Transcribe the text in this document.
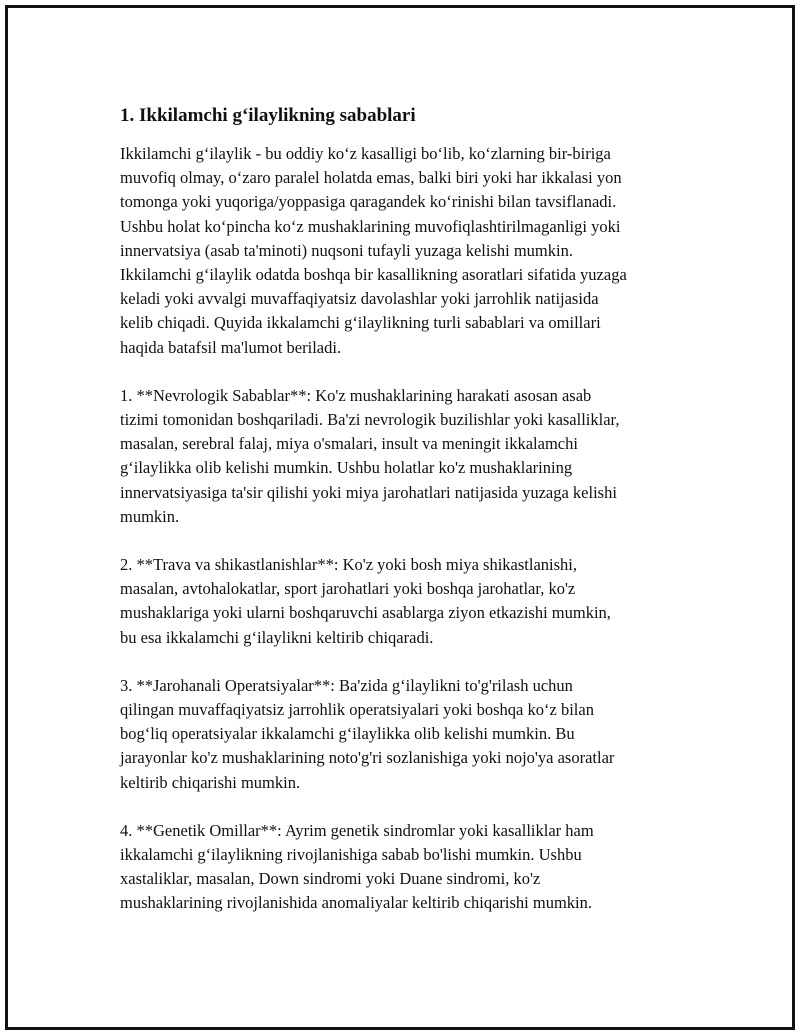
1. Ikkilamchi g‘ilaylikning sabablari

Ikkilamchi g‘ilaylik - bu oddiy ko‘z kasalligi bo‘lib, ko‘zlarning bir-biriga
muvofiq olmay, o‘zaro paralel holatda emas, balki biri yoki har ikkalasi yon
tomonga yoki yuqoriga/yoppasiga qaragandek ko‘rinishi bilan tavsiflanadi.
Ushbu holat ko‘pincha ko‘z mushaklarining muvofiqlashtirilmaganligi yoki
innervatsiya (asab ta'minoti) nuqsoni tufayli yuzaga kelishi mumkin.
Ikkilamchi g‘ilaylik odatda boshqa bir kasallikning asoratlari sifatida yuzaga
keladi yoki avvalgi muvaffaqiyatsiz davolashlar yoki jarrohlik natijasida
kelib chiqadi. Quyida ikkalamchi g‘ilaylikning turli sabablari va omillari
haqida batafsil ma'lumot beriladi.

1. **Nevrologik Sabablar**: Ko'z mushaklarining harakati asosan asab
tizimi tomonidan boshqariladi. Ba'zi nevrologik buzilishlar yoki kasalliklar,
masalan, serebral falaj, miya o'smalari, insult va meningit ikkalamchi
g‘ilaylikka olib kelishi mumkin. Ushbu holatlar ko'z mushaklarining
innervatsiyasiga ta'sir qilishi yoki miya jarohatlari natijasida yuzaga kelishi
mumkin.

2. **Trava va shikastlanishlar**: Ko'z yoki bosh miya shikastlanishi,
masalan, avtohalokatlar, sport jarohatlari yoki boshqa jarohatlar, ko'z
mushaklariga yoki ularni boshqaruvchi asablarga ziyon etkazishi mumkin,
bu esa ikkalamchi g‘ilaylikni keltirib chiqaradi.

3. **Jarohanali Operatsiyalar**: Ba'zida g‘ilaylikni to'g'rilash uchun
qilingan muvaffaqiyatsiz jarrohlik operatsiyalari yoki boshqa ko‘z bilan
bog‘liq operatsiyalar ikkalamchi g‘ilaylikka olib kelishi mumkin. Bu
jarayonlar ko'z mushaklarining noto'g'ri sozlanishiga yoki nojo'ya asoratlar
keltirib chiqarishi mumkin.

4. **Genetik Omillar**: Ayrim genetik sindromlar yoki kasalliklar ham
ikkalamchi g‘ilaylikning rivojlanishiga sabab bo'lishi mumkin. Ushbu
xastaliklar, masalan, Down sindromi yoki Duane sindromi, ko'z
mushaklarining rivojlanishida anomaliyalar keltirib chiqarishi mumkin.
